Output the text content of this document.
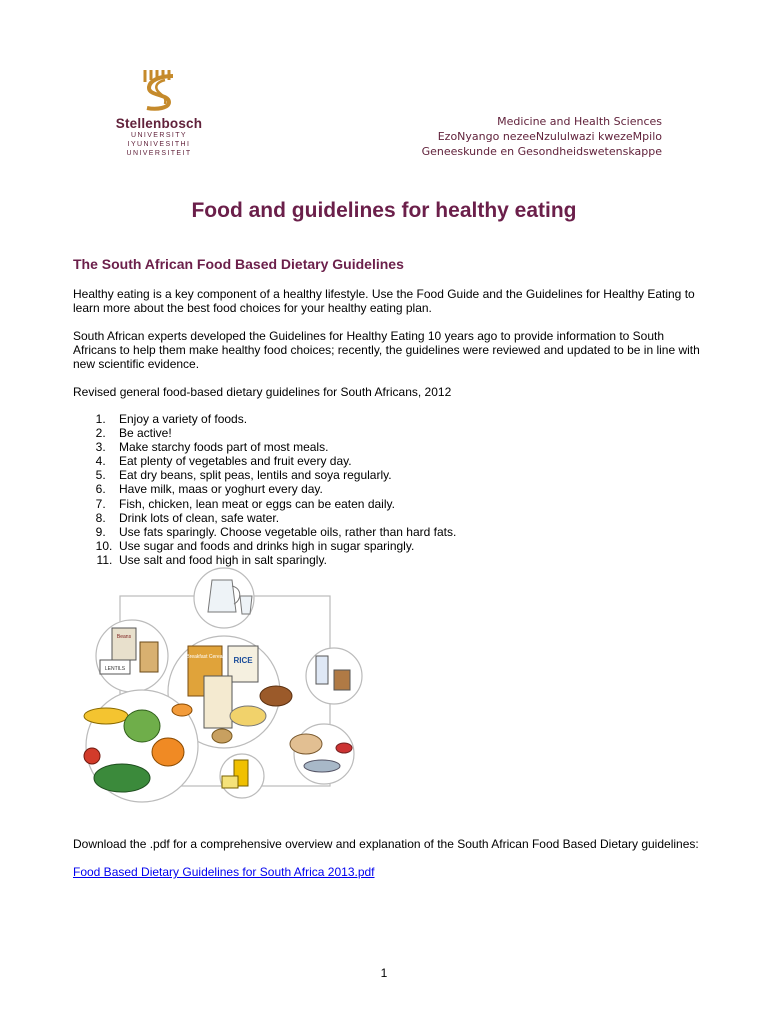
Stellenbosch
UNIVERSITY
IYUNIVESITHI
UNIVERSITEIT
Medicine and Health Sciences
EzoNyango nezeeNzululwazi kwezeMpilo
Geneeskunde en Gesondheidswetenskappe
Food and guidelines for healthy eating
The South African Food Based Dietary Guidelines

Healthy eating is a key component of a healthy lifestyle. Use the Food Guide and the Guidelines for Healthy Eating to learn more about the best food choices for your healthy eating plan.

South African experts developed the Guidelines for Healthy Eating 10 years ago to provide information to South Africans to help them make healthy food choices; recently, the guidelines were reviewed and updated to be in line with new scientific evidence.

Revised general food-based dietary guidelines for South Africans, 2012

1. Enjoy a variety of foods.
2. Be active!
3. Make starchy foods part of most meals.
4. Eat plenty of vegetables and fruit every day.
5. Eat dry beans, split peas, lentils and soya regularly.
6. Have milk, maas or yoghurt every day.
7. Fish, chicken, lean meat or eggs can be eaten daily.
8. Drink lots of clean, safe water.
9. Use fats sparingly. Choose vegetable oils, rather than hard fats.
10. Use sugar and foods and drinks high in sugar sparingly.
11. Use salt and food high in salt sparingly.
Breakfast Cereal RICE
Beans
LENTILS

Download the .pdf for a comprehensive overview and explanation of the South African Food Based Dietary guidelines:

Food Based Dietary Guidelines for South Africa 2013.pdf
1
